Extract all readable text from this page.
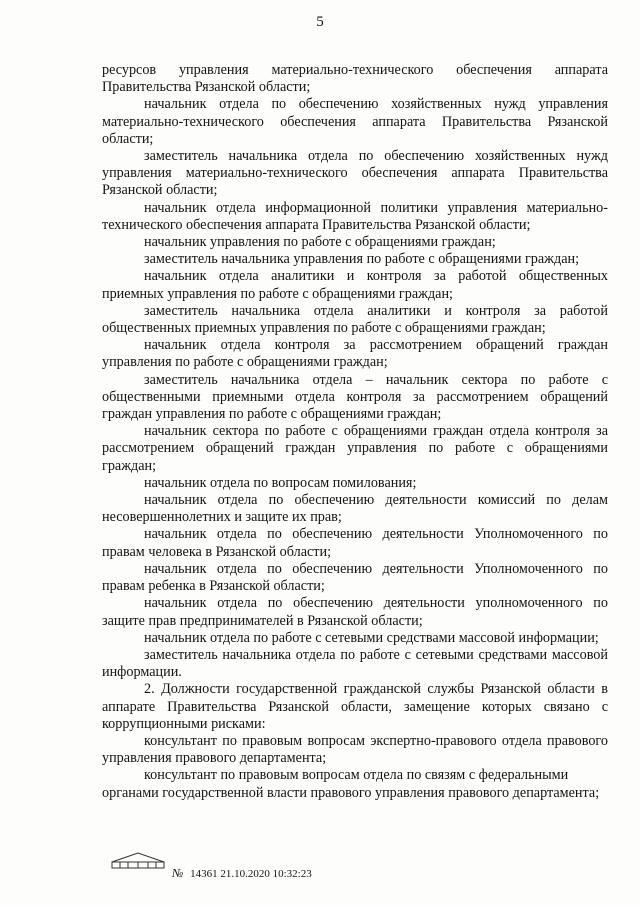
5

ресурсов управления материально-технического обеспечения аппарата Правительства Рязанской области;

начальник отдела по обеспечению хозяйственных нужд управления материально-технического обеспечения аппарата Правительства Рязанской области;

заместитель начальника отдела по обеспечению хозяйственных нужд управления материально-технического обеспечения аппарата Правительства Рязанской области;

начальник отдела информационной политики управления материально-технического обеспечения аппарата Правительства Рязанской области;

начальник управления по работе с обращениями граждан;

заместитель начальника управления по работе с обращениями граждан;

начальник отдела аналитики и контроля за работой общественных приемных управления по работе с обращениями граждан;

заместитель начальника отдела аналитики и контроля за работой общественных приемных управления по работе с обращениями граждан;

начальник отдела контроля за рассмотрением обращений граждан управления по работе с обращениями граждан;

заместитель начальника отдела – начальник сектора по работе с общественными приемными отдела контроля за рассмотрением обращений граждан управления по работе с обращениями граждан;

начальник сектора по работе с обращениями граждан отдела контроля за рассмотрением обращений граждан управления по работе с обращениями граждан;

начальник отдела по вопросам помилования;

начальник отдела по обеспечению деятельности комиссий по делам несовершеннолетних и защите их прав;

начальник отдела по обеспечению деятельности Уполномоченного по правам человека в Рязанской области;

начальник отдела по обеспечению деятельности Уполномоченного по правам ребенка в Рязанской области;

начальник отдела по обеспечению деятельности уполномоченного по защите прав предпринимателей в Рязанской области;

начальник отдела по работе с сетевыми средствами массовой информации;

заместитель начальника отдела по работе с сетевыми средствами массовой информации.

2. Должности государственной гражданской службы Рязанской области в аппарате Правительства Рязанской области, замещение которых связано с коррупционными рисками:

консультант по правовым вопросам экспертно-правового отдела правового управления правового департамента;

консультант по правовым вопросам отдела по связям с федеральными органами государственной власти правового управления правового департамента;

№ 14361 21.10.2020 10:32:23
